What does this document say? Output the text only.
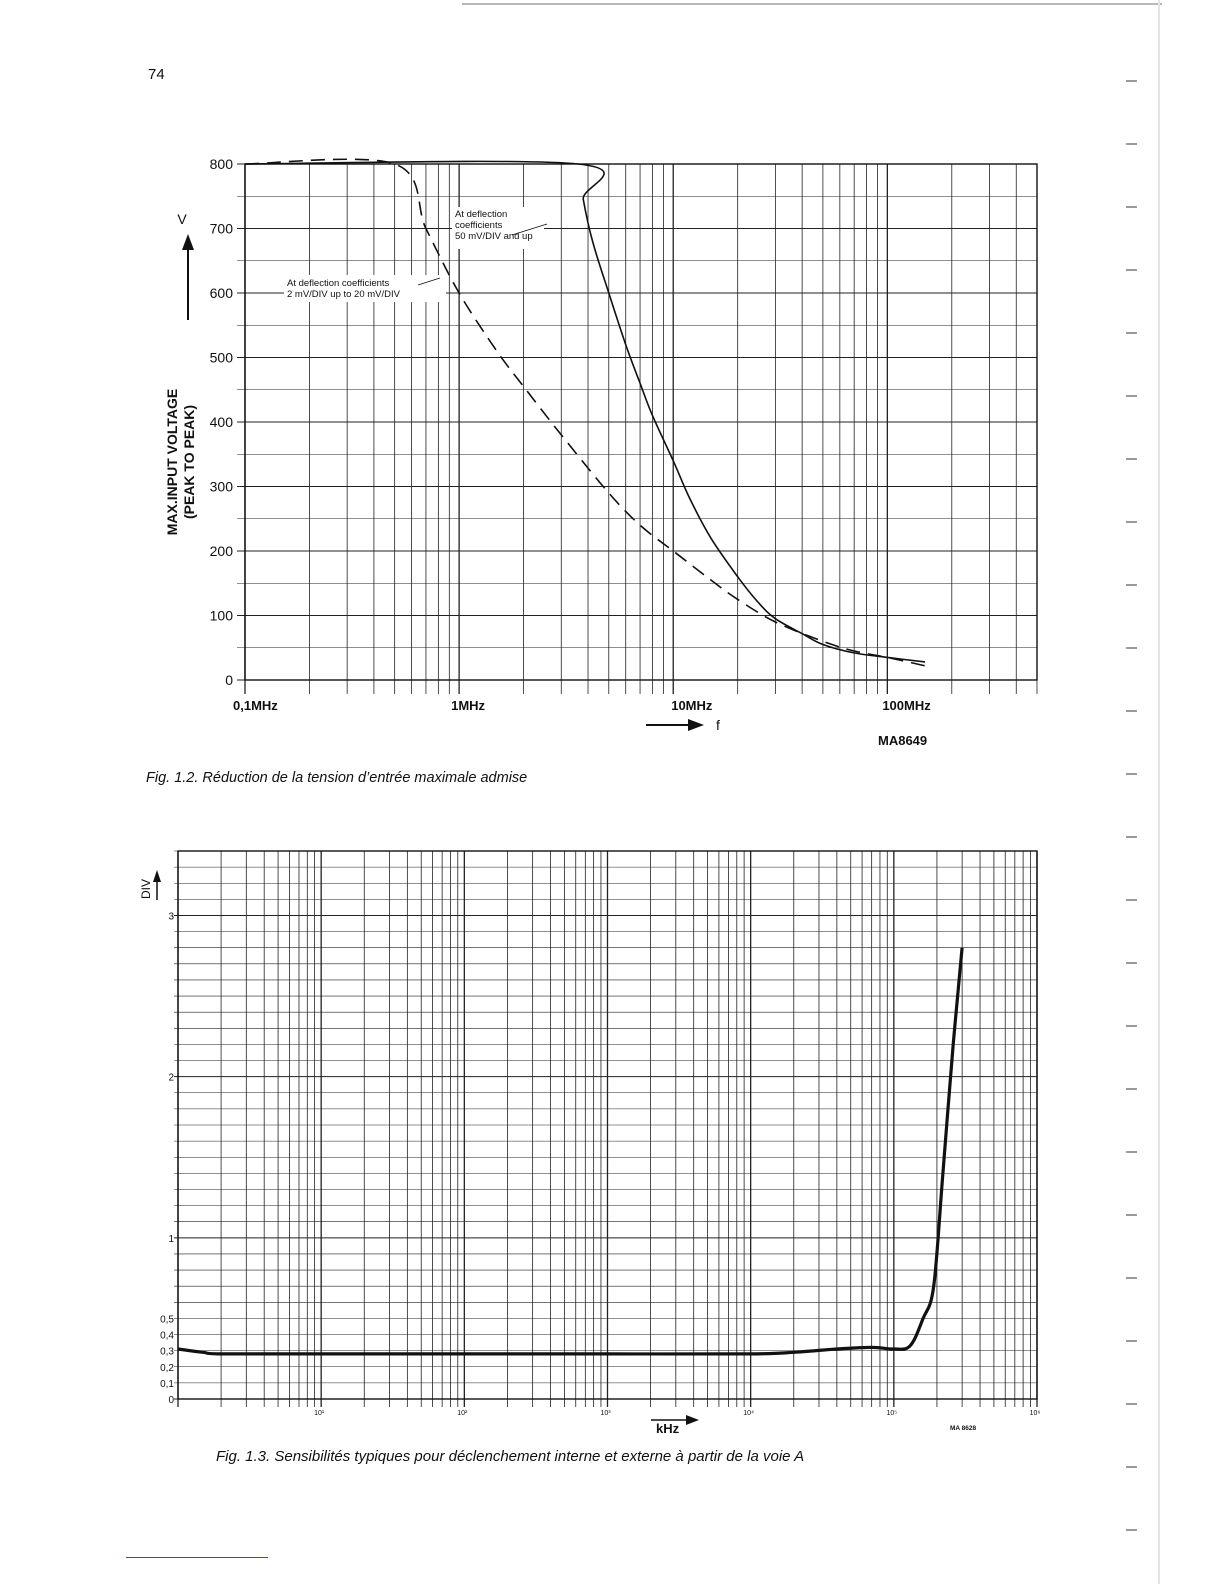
74
0
100
200
300
400
500
600
700
800
0,1MHz	1MHz	10MHz	100MHz
MAX.INPUT VOLTAGE (PEAK TO PEAK)
V
f
MA8649
At deflection
coefficients
50 mV/DIV and up
At deflection coefficients
2 mV/DIV up to 20 mV/DIV
0
0,1
0,2
0,3
0,4
0,5
1
2
3
10¹	10²	10³	10⁴	10⁵	10⁶
DIV
kHz	MA 8628
Fig. 1.2. Réduction de la tension d’entrée maximale admise
Fig. 1.3. Sensibilités typiques pour déclenchement interne et externe à partir de la voie A
